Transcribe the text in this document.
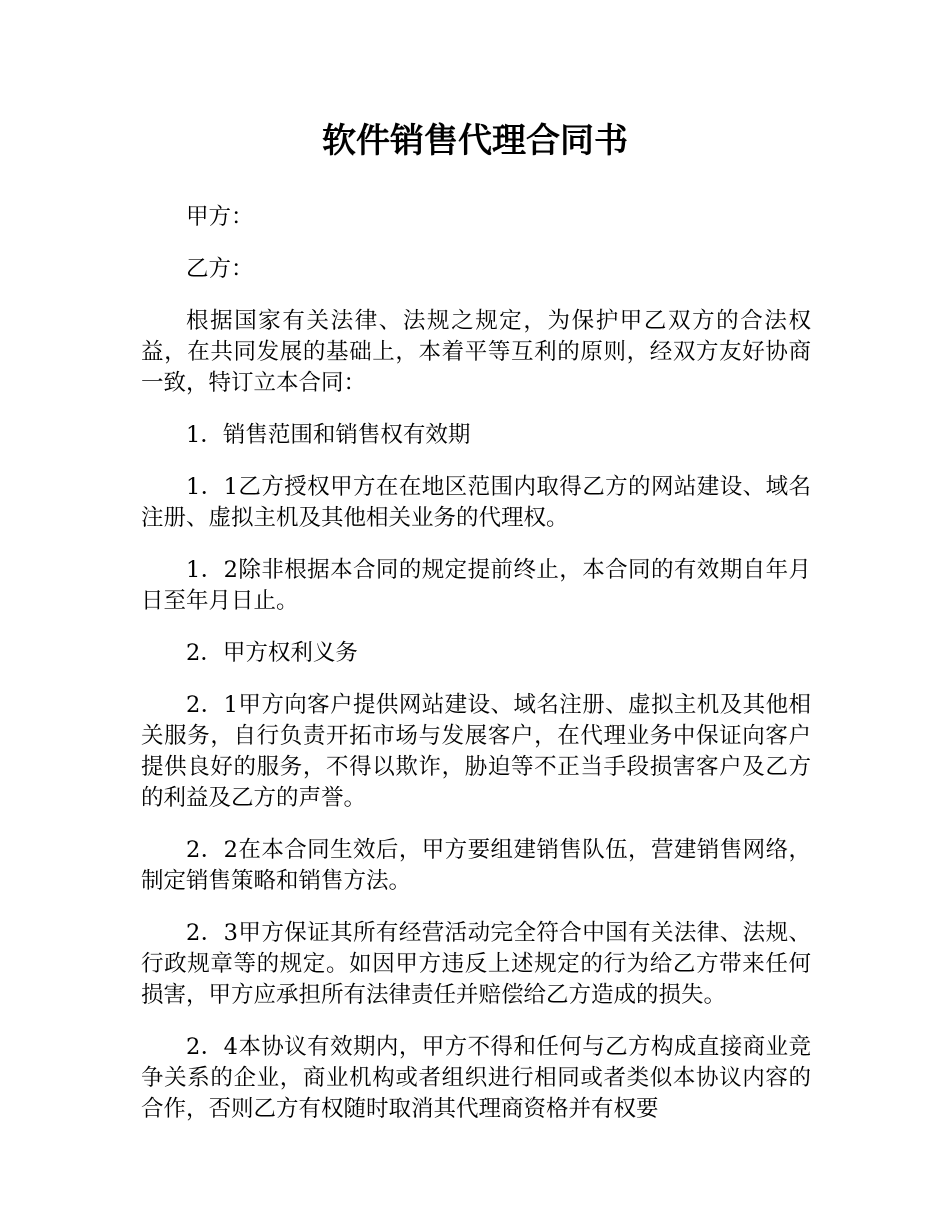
软件销售代理合同书

甲方：

乙方：

根据国家有关法律、法规之规定，为保护甲乙双方的合法权益，在共同发展的基础上，本着平等互利的原则，经双方友好协商一致，特订立本合同：

1．销售范围和销售权有效期

1．1乙方授权甲方在在地区范围内取得乙方的网站建设、域名注册、虚拟主机及其他相关业务的代理权。

1．2除非根据本合同的规定提前终止，本合同的有效期自年月日至年月日止。

2．甲方权利义务

2．1甲方向客户提供网站建设、域名注册、虚拟主机及其他相关服务，自行负责开拓市场与发展客户，在代理业务中保证向客户提供良好的服务，不得以欺诈，胁迫等不正当手段损害客户及乙方的利益及乙方的声誉。

2．2在本合同生效后，甲方要组建销售队伍，营建销售网络，制定销售策略和销售方法。

2．3甲方保证其所有经营活动完全符合中国有关法律、法规、行政规章等的规定。如因甲方违反上述规定的行为给乙方带来任何损害，甲方应承担所有法律责任并赔偿给乙方造成的损失。

2．4本协议有效期内，甲方不得和任何与乙方构成直接商业竞争关系的企业，商业机构或者组织进行相同或者类似本协议内容的合作，否则乙方有权随时取消其代理商资格并有权要
